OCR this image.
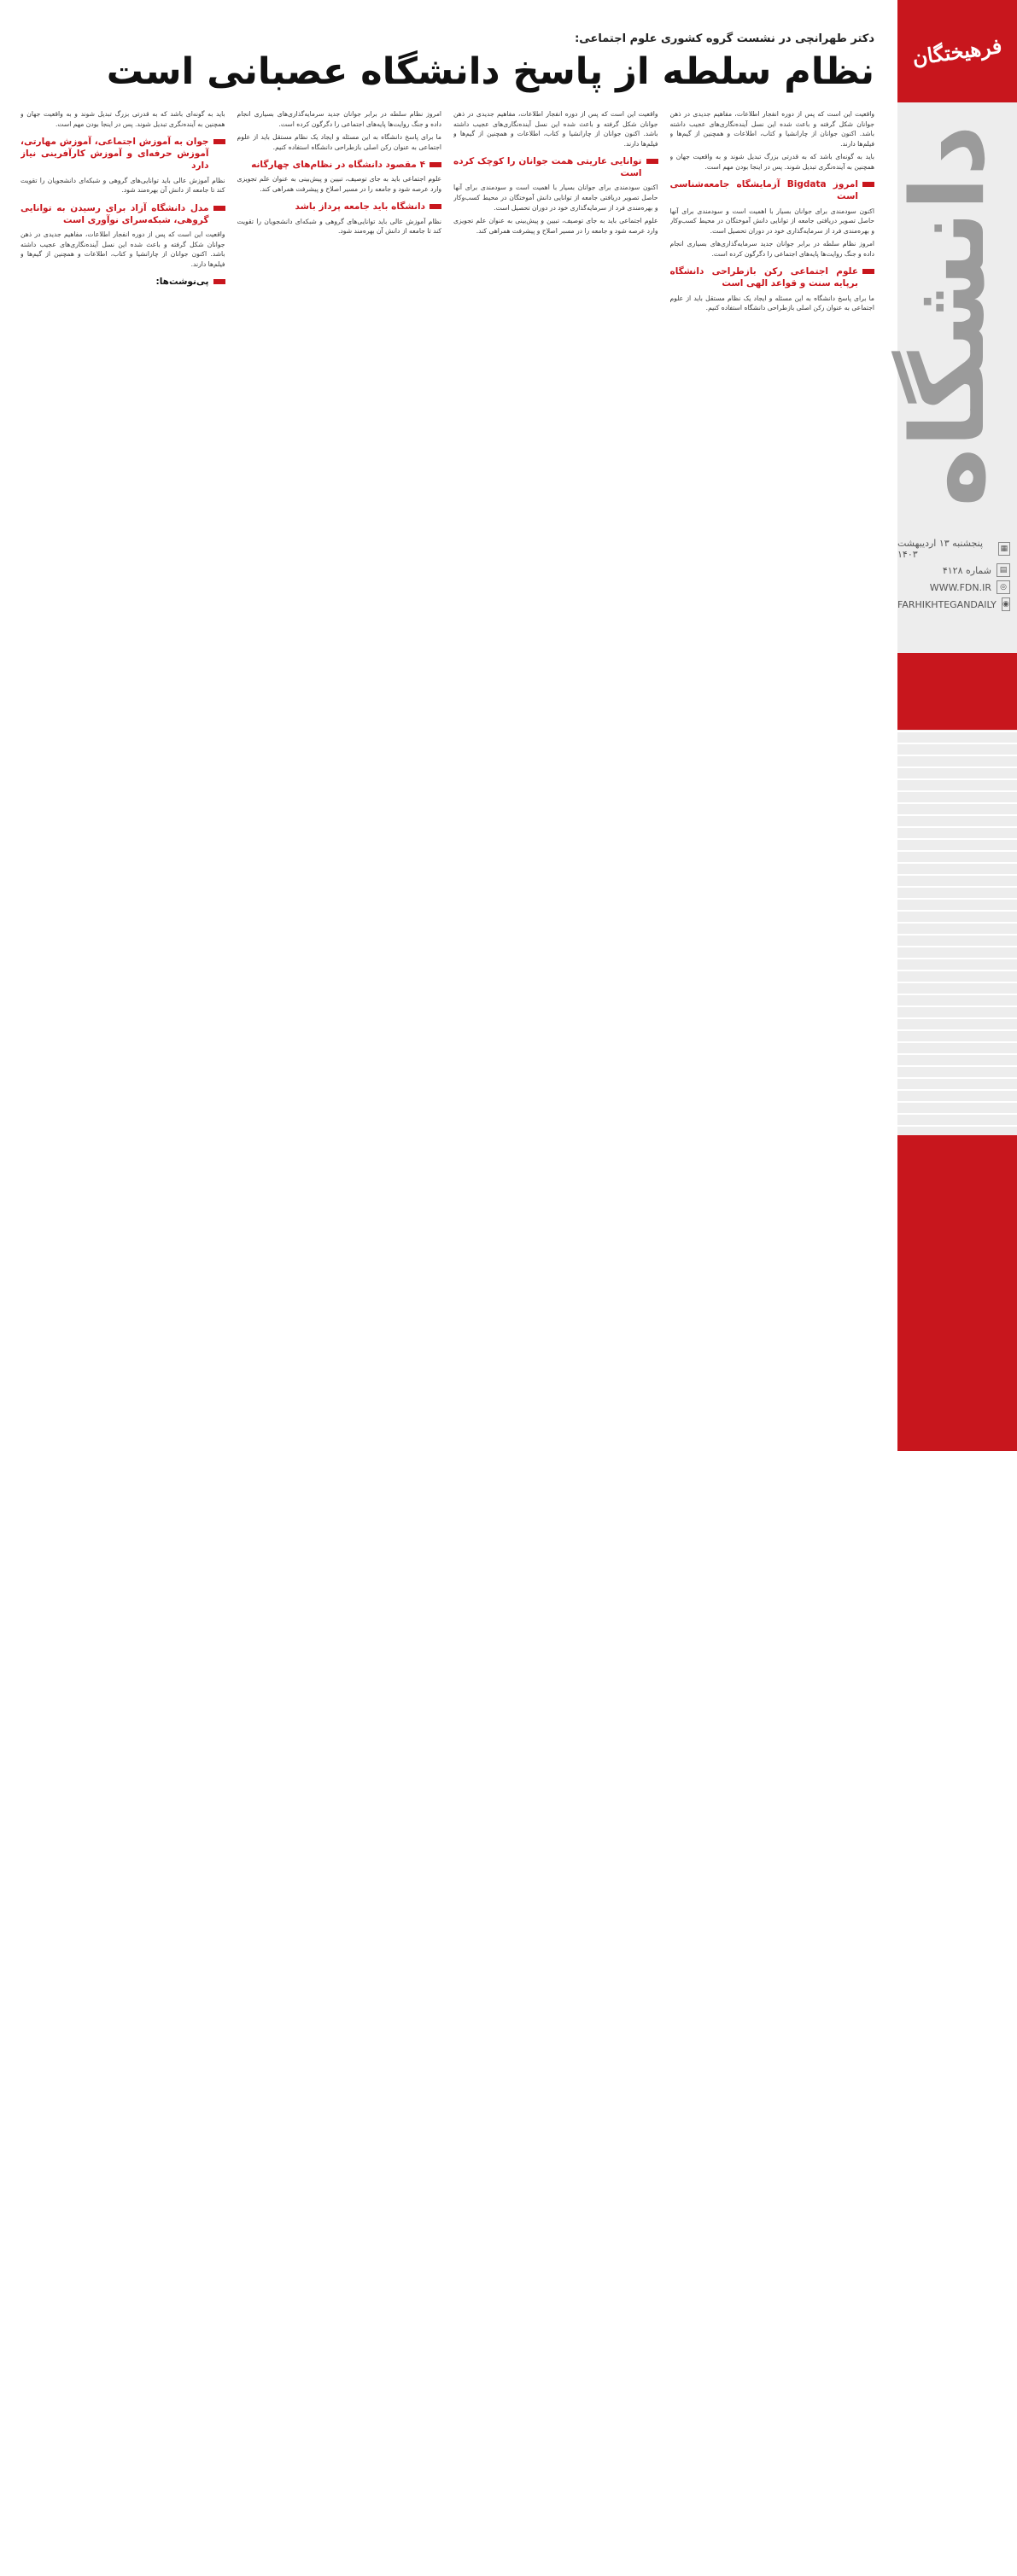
فرهیختگان
دانشگاه
پنجشنبه ۱۳ اردیبهشت ۱۴۰۳	▦
شماره ۴۱۲۸	▤
WWW.FDN.IR	◎
FARHIKHTEGANDAILY ◉
۶ ادامه از صفحه ۳

دکتر طهرانچی در نشست گروه کشوری علوم اجتماعی:

نظام سلطه از پاسخ دانشگاه عصبانی است

واقعیت این است که پس از دوره انفجار اطلاعات، مفاهیم جدیدی در ذهن جوانان شکل گرفته و باعث شده این نسل آینده‌نگاری‌های عجیب داشته باشد. اکنون جوانان از چارانشیا و کتاب، اطلاعات و همچنین از گیم‌ها و فیلم‌ها دارند.

باید به گونه‌ای باشد که به قدرتی بزرگ تبدیل شوند و به واقعیت جهان و همچنین به آینده‌نگری تبدیل شوند. پس در اینجا بودن مهم است.

امروز Bigdata آزمایشگاه جامعه‌شناسی است

اکنون سودمندی برای جوانان بسیار با اهمیت است و سودمندی برای آنها حاصل تصویر دریافتی جامعه از توانایی دانش آموختگان در محیط کسب‌وکار و بهره‌مندی فرد از سرمایه‌گذاری خود در دوران تحصیل است.

امروز نظام سلطه در برابر جوانان جدید سرمایه‌گذاری‌های بسیاری انجام داده و جنگ روایت‌ها پایه‌های اجتماعی را دگرگون کرده است.

علوم اجتماعی رکن بازطراحی دانشگاه برپایه سنت و قواعد الهی است

ما برای پاسخ دانشگاه به این مسئله و ایجاد یک نظام مستقل باید از علوم اجتماعی به عنوان رکن اصلی بازطراحی دانشگاه استفاده کنیم.

واقعیت این است که پس از دوره انفجار اطلاعات، مفاهیم جدیدی در ذهن جوانان شکل گرفته و باعث شده این نسل آینده‌نگاری‌های عجیب داشته باشد. اکنون جوانان از چارانشیا و کتاب، اطلاعات و همچنین از گیم‌ها و فیلم‌ها دارند.

توانایی عاریتی همت جوانان را کوچک کرده است

اکنون سودمندی برای جوانان بسیار با اهمیت است و سودمندی برای آنها حاصل تصویر دریافتی جامعه از توانایی دانش آموختگان در محیط کسب‌وکار و بهره‌مندی فرد از سرمایه‌گذاری خود در دوران تحصیل است.

علوم اجتماعی باید به جای توصیف، تبیین و پیش‌بینی به عنوان علم تجویزی وارد عرصه شود و جامعه را در مسیر اصلاح و پیشرفت همراهی کند.

امروز نظام سلطه در برابر جوانان جدید سرمایه‌گذاری‌های بسیاری انجام داده و جنگ روایت‌ها پایه‌های اجتماعی را دگرگون کرده است.

ما برای پاسخ دانشگاه به این مسئله و ایجاد یک نظام مستقل باید از علوم اجتماعی به عنوان رکن اصلی بازطراحی دانشگاه استفاده کنیم.

۴ مقصود دانشگاه در نظام‌های چهارگانه

علوم اجتماعی باید به جای توصیف، تبیین و پیش‌بینی به عنوان علم تجویزی وارد عرصه شود و جامعه را در مسیر اصلاح و پیشرفت همراهی کند.

دانشگاه باید جامعه پرداز باشد

نظام آموزش عالی باید توانایی‌های گروهی و شبکه‌ای دانشجویان را تقویت کند تا جامعه از دانش آن بهره‌مند شود.

باید به گونه‌ای باشد که به قدرتی بزرگ تبدیل شوند و به واقعیت جهان و همچنین به آینده‌نگری تبدیل شوند. پس در اینجا بودن مهم است.

جوان به آموزش اجتماعی، آموزش مهارتی، آموزش حرفه‌ای و آموزش کارآفرینی نیاز دارد

نظام آموزش عالی باید توانایی‌های گروهی و شبکه‌ای دانشجویان را تقویت کند تا جامعه از دانش آن بهره‌مند شود.

مدل دانشگاه آزاد برای رسیدن به توانایی گروهی، شبکه‌سرای نوآوری است

واقعیت این است که پس از دوره انفجار اطلاعات، مفاهیم جدیدی در ذهن جوانان شکل گرفته و باعث شده این نسل آینده‌نگاری‌های عجیب داشته باشد. اکنون جوانان از چارانشیا و کتاب، اطلاعات و همچنین از گیم‌ها و فیلم‌ها دارند.

پی‌نوشت‌ها:
